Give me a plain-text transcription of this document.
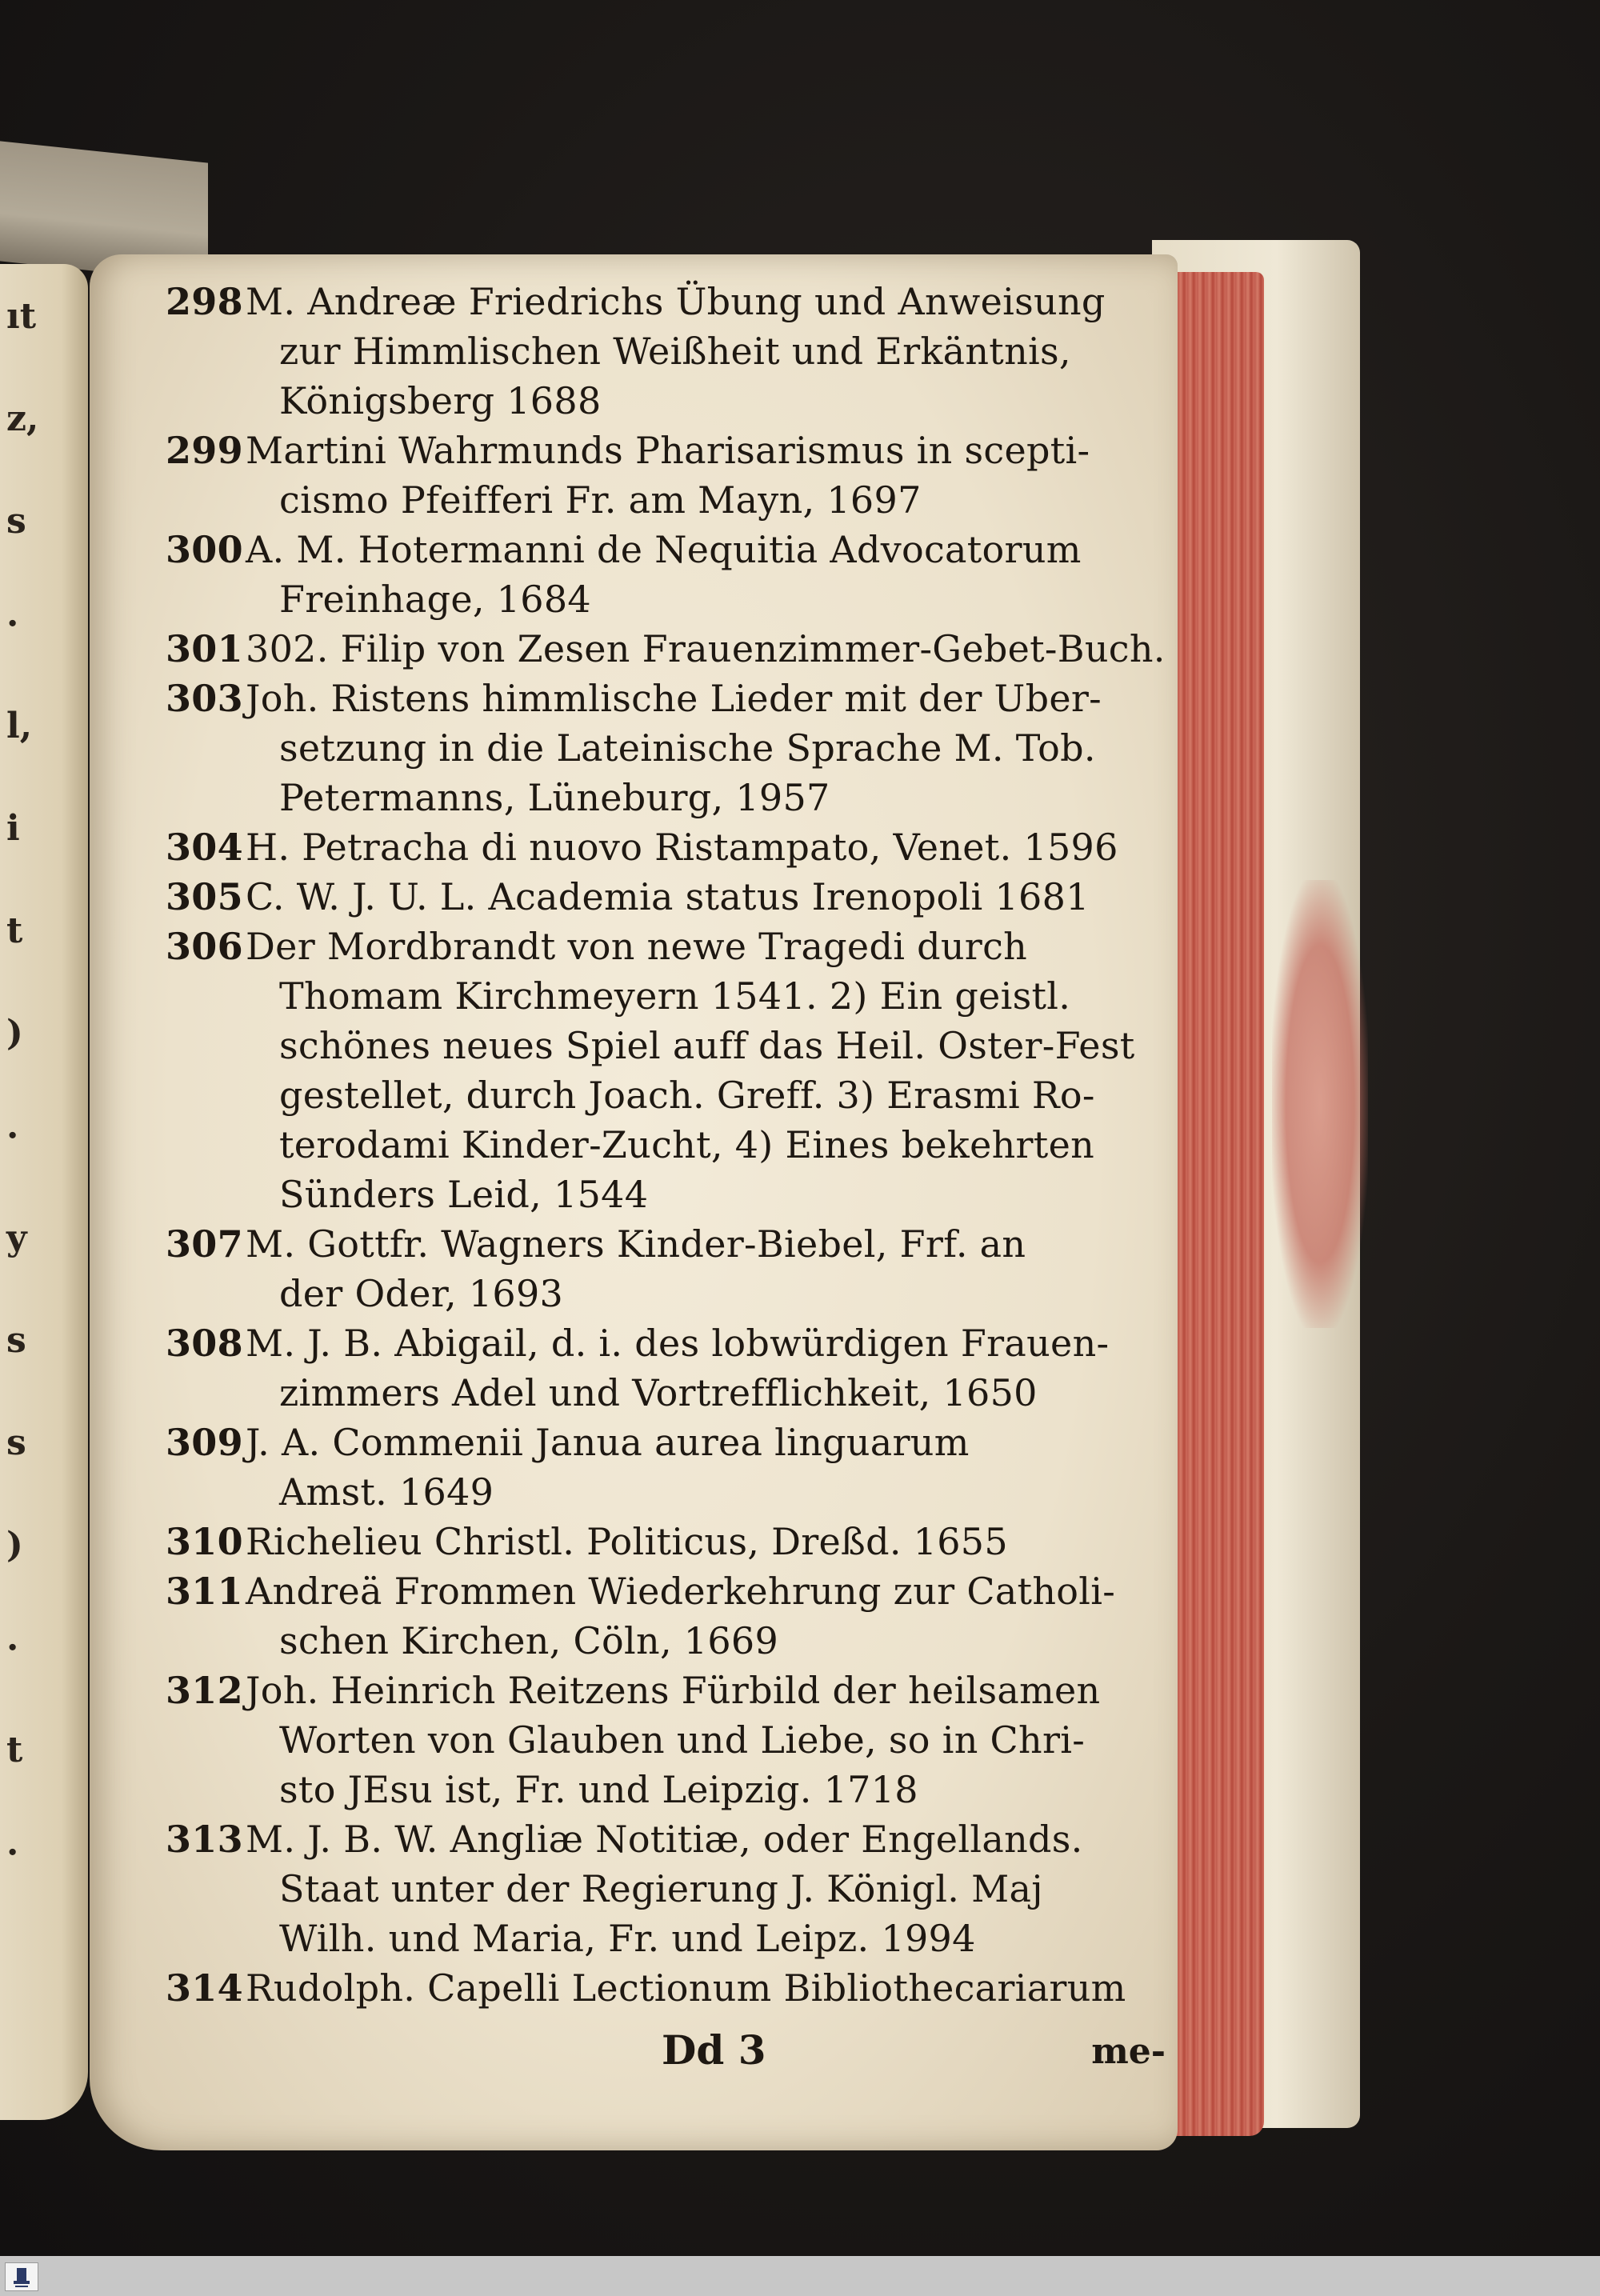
ıt
z,
s
·
l,
i
t
)
·
y
s
s
)
·
t
·
298M. Andreæ Friedrichs Übung und Anweisung
zur Himmlischen Weißheit und Erkäntnis,
Königsberg 1688
299Martini Wahrmunds Pharisarismus in scepti-
cismo Pfeifferi Fr. am Mayn, 1697
300A. M. Hotermanni de Nequitia Advocatorum
Freinhage, 1684
301302. Filip von Zesen Frauenzimmer-Gebet-Buch.
303Joh. Ristens himmlische Lieder mit der Uber-
setzung in die Lateinische Sprache M. Tob.
Petermanns, Lüneburg, 1957
304H. Petracha di nuovo Ristampato, Venet. 1596
305C. W. J. U. L. Academia status Irenopoli 1681
306Der Mordbrandt von newe Tragedi durch
Thomam Kirchmeyern 1541. 2) Ein geistl.
schönes neues Spiel auff das Heil. Oster-Fest
gestellet, durch Joach. Greff. 3) Erasmi Ro-
terodami Kinder-Zucht, 4) Eines bekehrten
Sünders Leid, 1544
307M. Gottfr. Wagners Kinder-Biebel, Frf. an
der Oder, 1693
308M. J. B. Abigail, d. i. des lobwürdigen Frauen-
zimmers Adel und Vortrefflichkeit, 1650
309J. A. Commenii Janua aurea linguarum
Amst. 1649
310Richelieu Christl. Politicus, Dreßd. 1655
311Andreä Frommen Wiederkehrung zur Catholi-
schen Kirchen, Cöln, 1669
312Joh. Heinrich Reitzens Fürbild der heilsamen
Worten von Glauben und Liebe, so in Chri-
sto JEsu ist, Fr. und Leipzig. 1718
313M. J. B. W. Angliæ Notitiæ, oder Engellands.
Staat unter der Regierung J. Königl. Maj
Wilh. und Maria, Fr. und Leipz. 1994
314Rudolph. Capelli Lectionum Bibliothecariarum
Dd 3	me-
